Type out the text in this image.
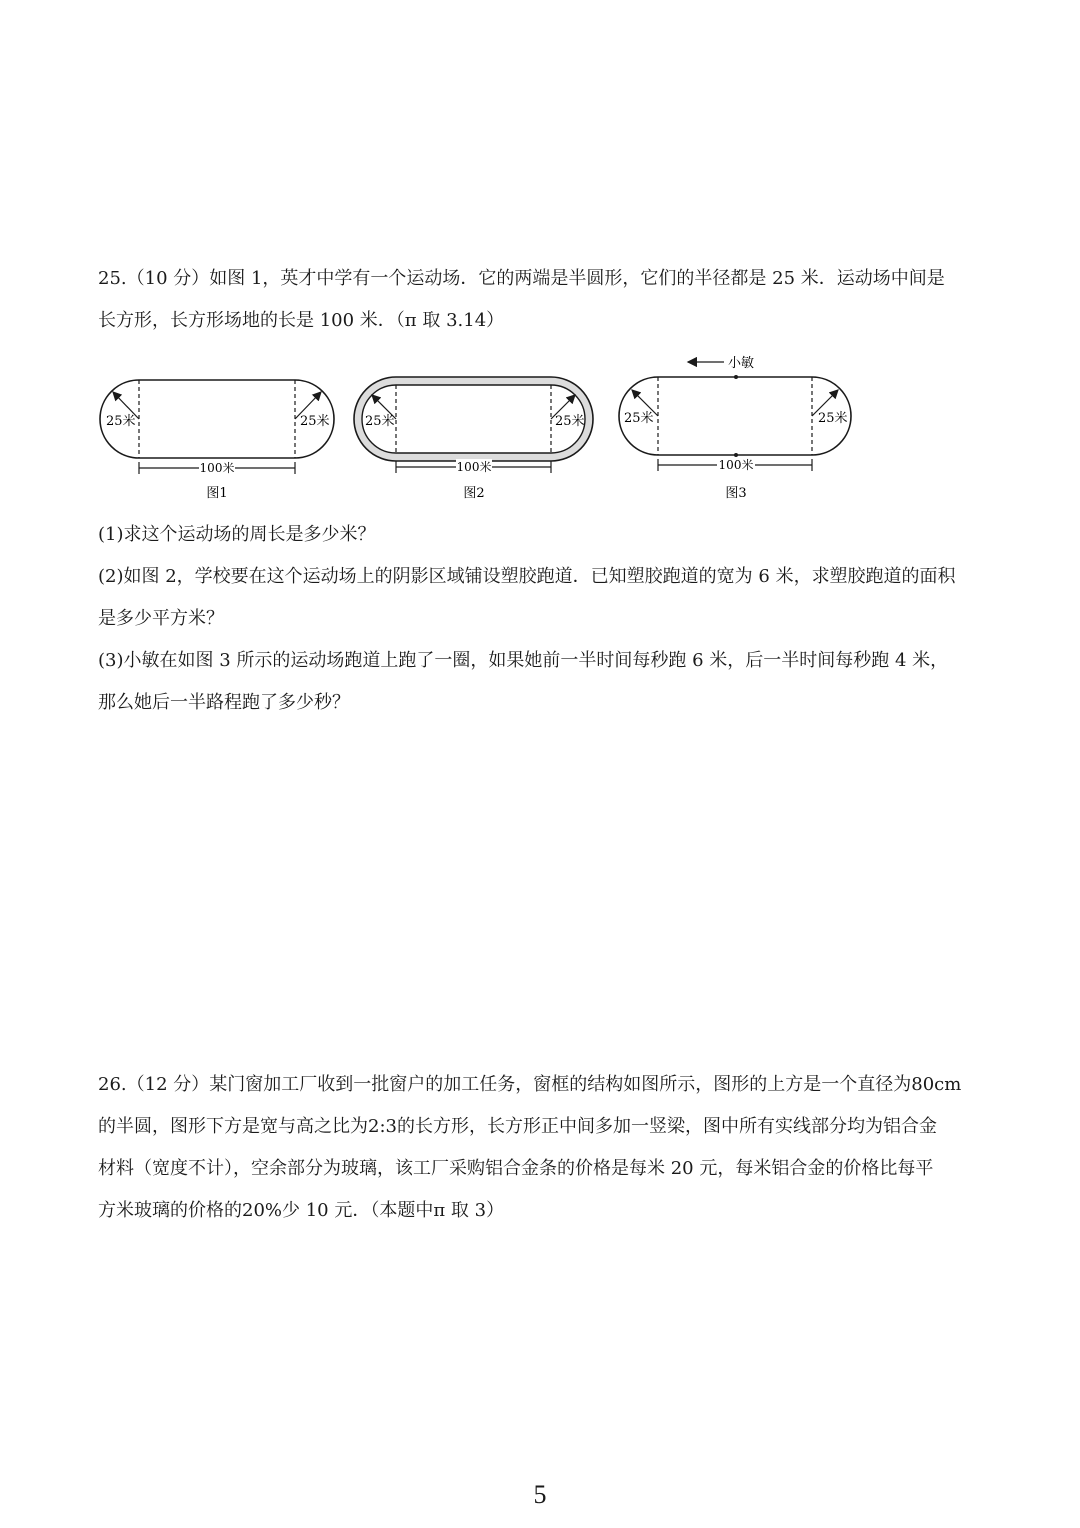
25.（10 分）如图 1，英才中学有一个运动场．它的两端是半圆形，它们的半径都是 25 米．运动场中间是
长方形，长方形场地的长是 100 米．（π 取 3.14）
25米	25米
100米
图1
25米	25米
100米
图2
25米	25米
小敏
100米
图3
(1)求这个运动场的周长是多少米？
(2)如图 2，学校要在这个运动场上的阴影区域铺设塑胶跑道．已知塑胶跑道的宽为 6 米，求塑胶跑道的面积
是多少平方米？
(3)小敏在如图 3 所示的运动场跑道上跑了一圈，如果她前一半时间每秒跑 6 米，后一半时间每秒跑 4 米，
那么她后一半路程跑了多少秒？
26.（12 分）某门窗加工厂收到一批窗户的加工任务，窗框的结构如图所示，图形的上方是一个直径为80cm
的半圆，图形下方是宽与高之比为2:3的长方形，长方形正中间多加一竖梁，图中所有实线部分均为铝合金
材料（宽度不计），空余部分为玻璃，该工厂采购铝合金条的价格是每米 20 元，每米铝合金的价格比每平
方米玻璃的价格的20%少 10 元．（本题中π 取 3）
5
